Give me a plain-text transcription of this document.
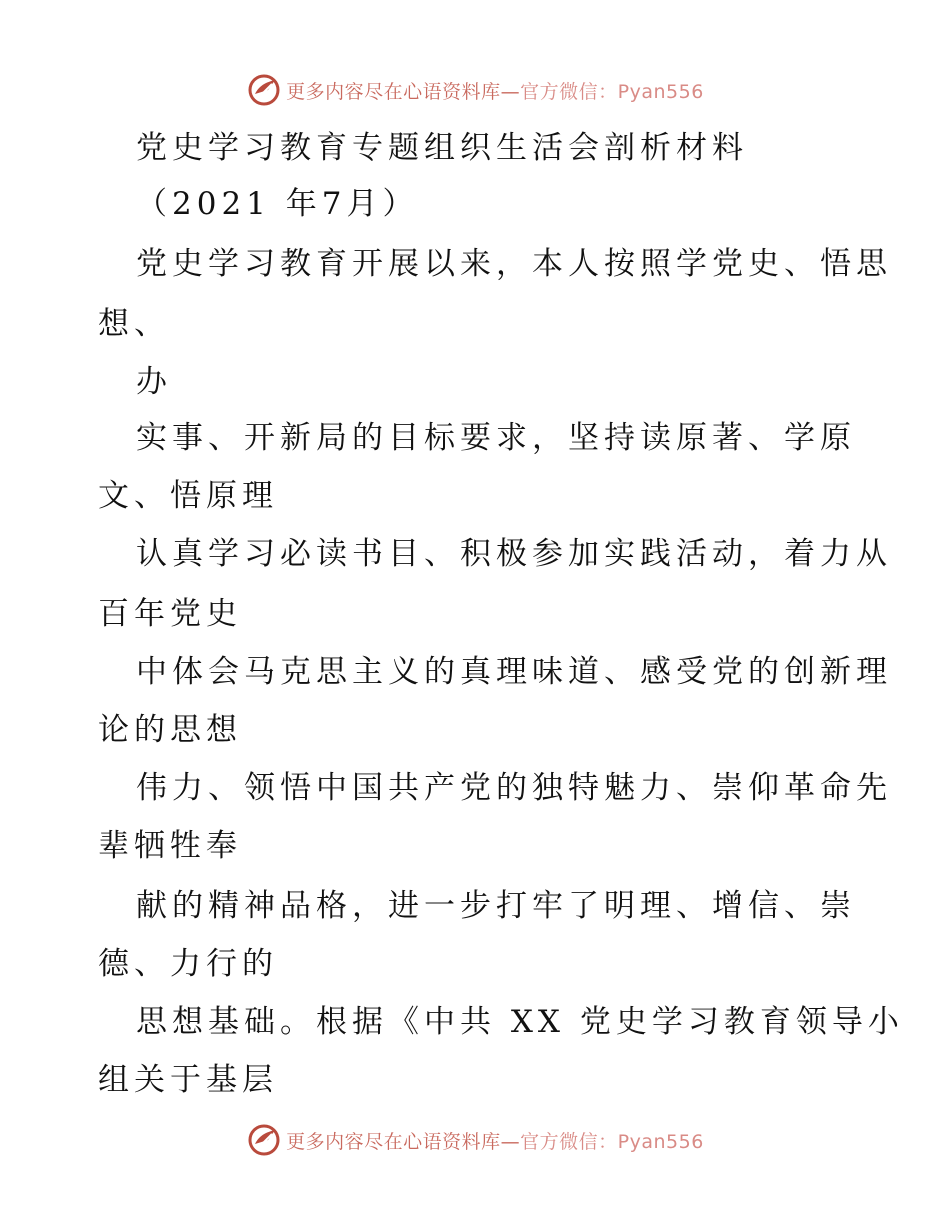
更多内容尽在心语资料库—官方微信：Pyan556
党史学习教育专题组织生活会剖析材料
（2021 年7月）
党史学习教育开展以来，本人按照学党史、悟思
想、
办
实事、开新局的目标要求，坚持读原著、学原
文、悟原理
认真学习必读书目、积极参加实践活动，着力从
百年党史
中体会马克思主义的真理味道、感受党的创新理
论的思想
伟力、领悟中国共产党的独特魅力、崇仰革命先
辈牺牲奉
献的精神品格，进一步打牢了明理、增信、崇
德、力行的
思想基础。根据《中共 XX 党史学习教育领导小
组关于基层
更多内容尽在心语资料库—官方微信：Pyan556
